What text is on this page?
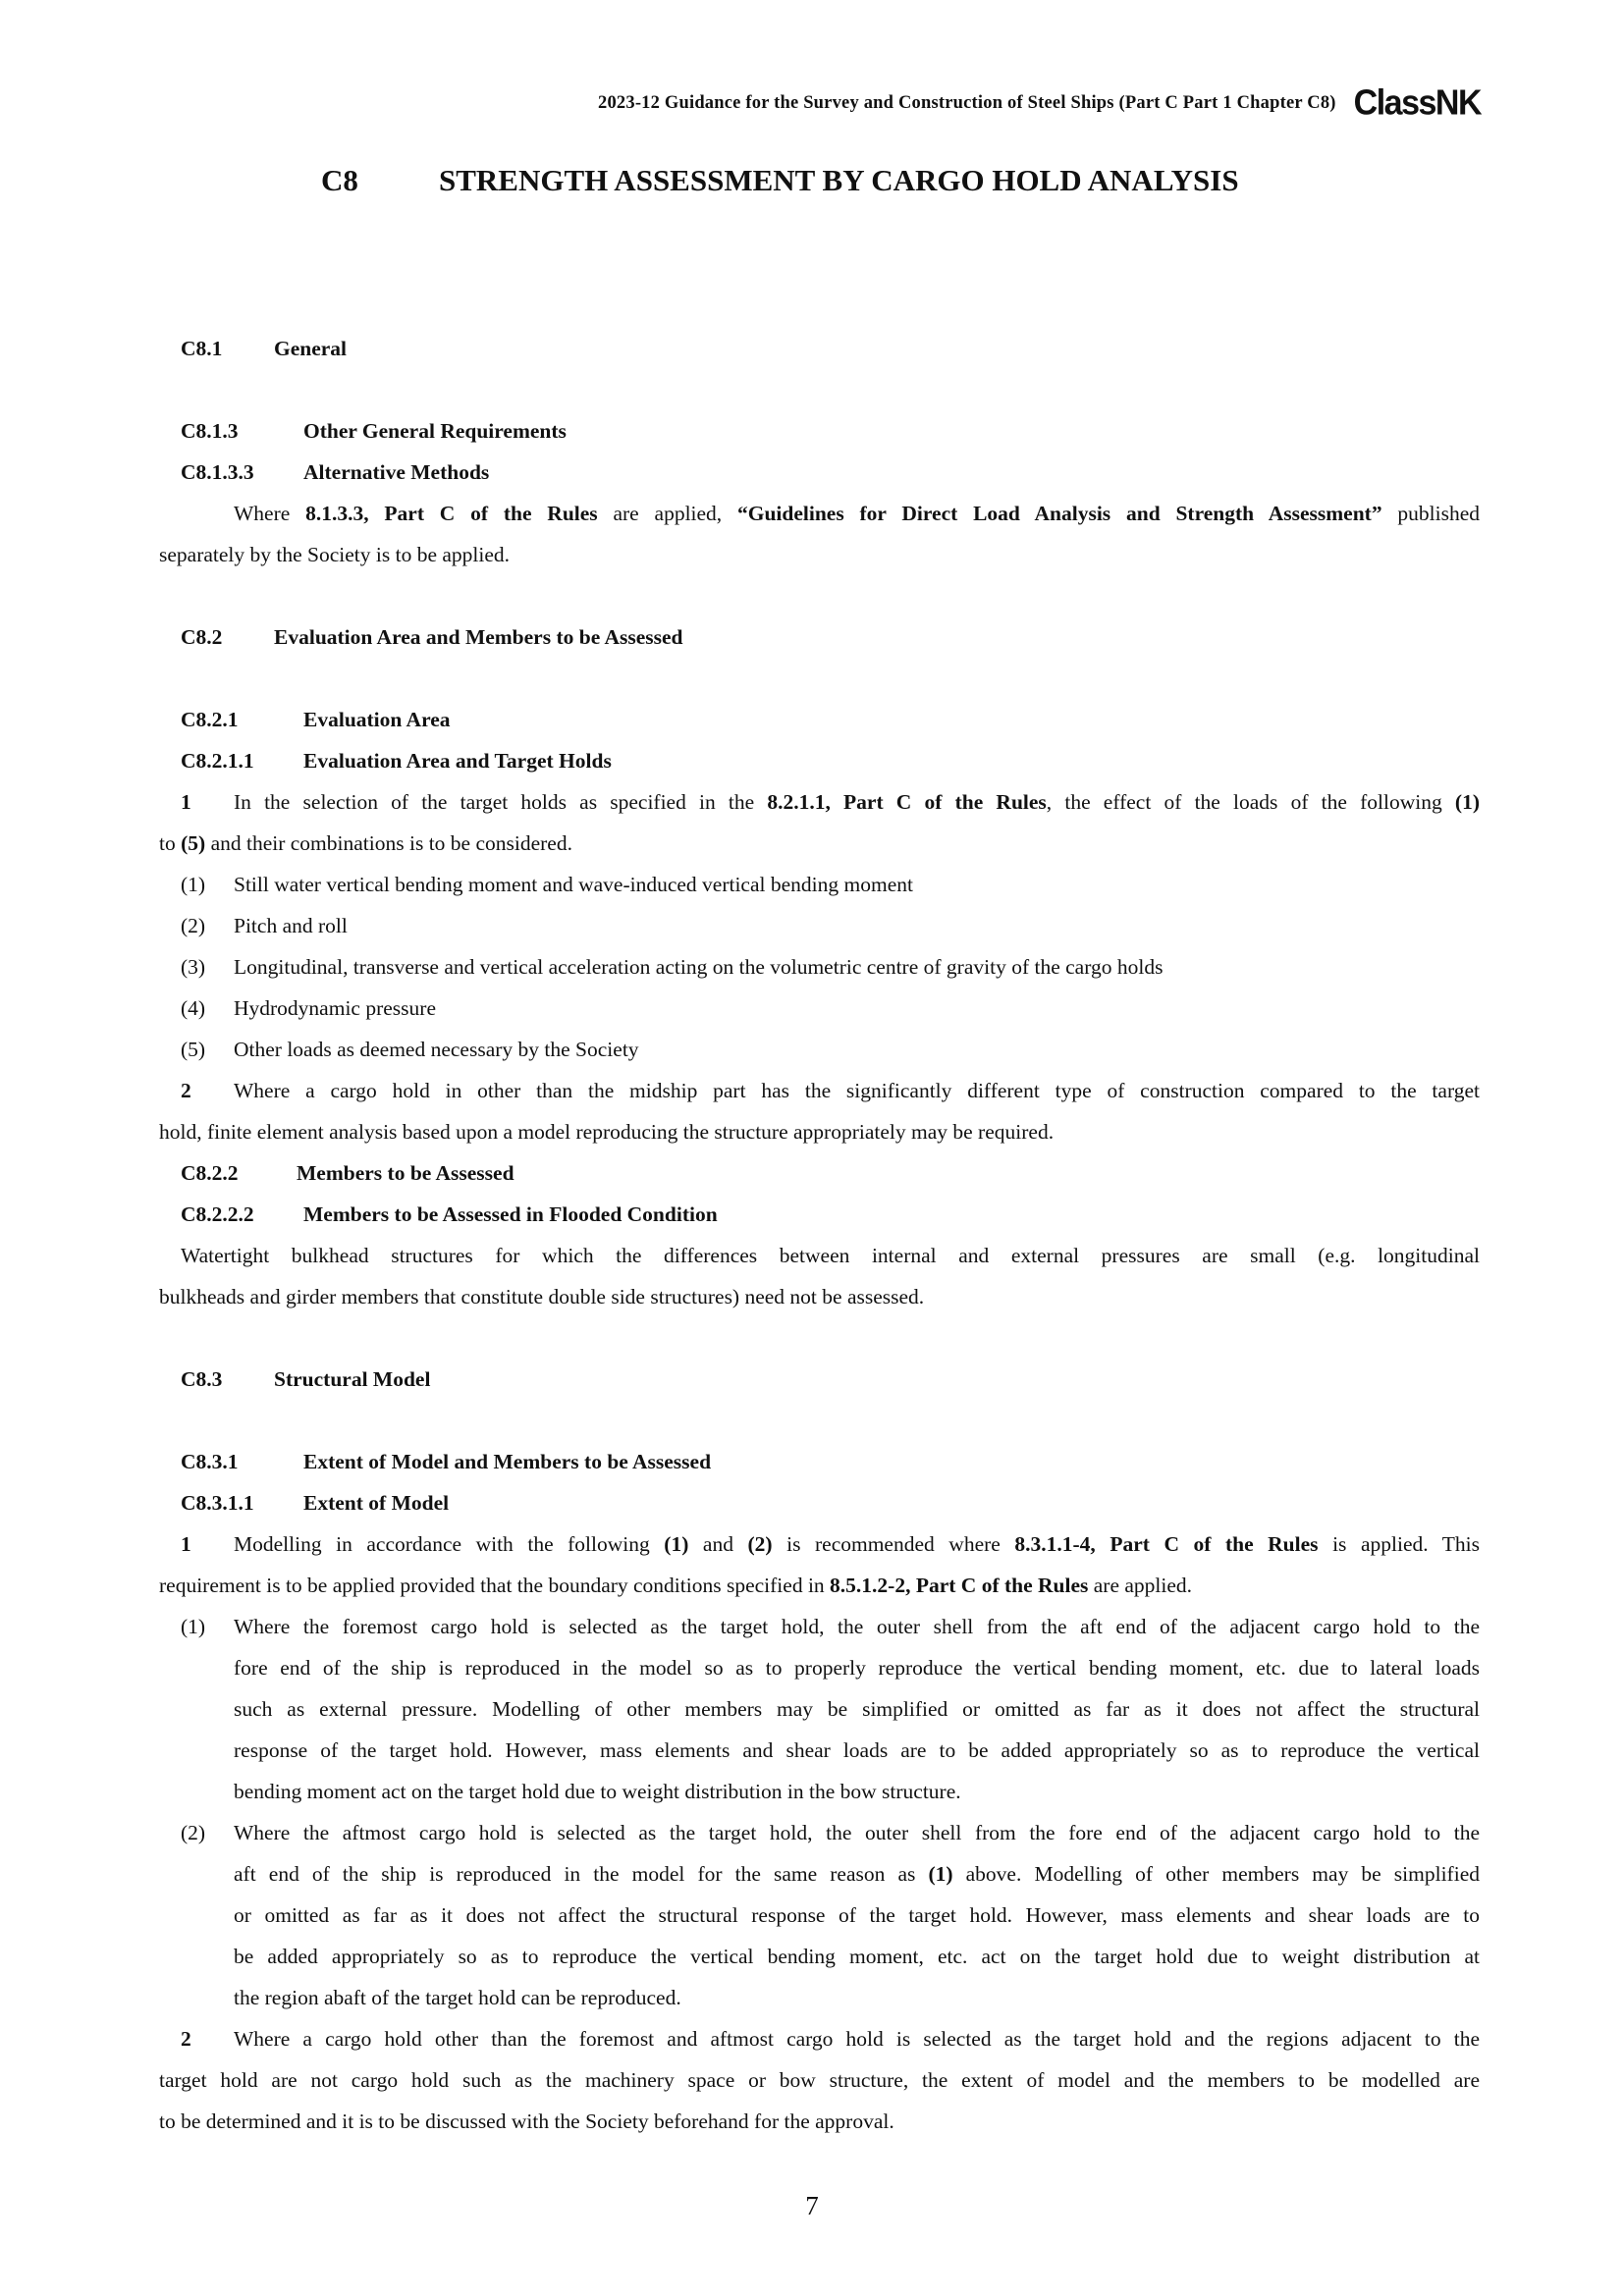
2023-12 Guidance for the Survey and Construction of Steel Ships (Part C Part 1 Chapter C8) ClassNK
C8	STRENGTH ASSESSMENT BY CARGO HOLD ANALYSIS
C8.1 General
C8.1.3	Other General Requirements
C8.1.3.3 Alternative Methods
Where 8.1.3.3, Part C of the Rules are applied, “Guidelines for Direct Load Analysis and Strength Assessment” published
separately by the Society is to be applied.
C8.2 Evaluation Area and Members to be Assessed
C8.2.1	Evaluation Area
C8.2.1.1 Evaluation Area and Target Holds
1	In the selection of the target holds as specified in the 8.2.1.1, Part C of the Rules, the effect of the loads of the following (1)
to (5) and their combinations is to be considered.
(1) Still water vertical bending moment and wave-induced vertical bending moment
(2) Pitch and roll
(3) Longitudinal, transverse and vertical acceleration acting on the volumetric centre of gravity of the cargo holds
(4) Hydrodynamic pressure
(5) Other loads as deemed necessary by the Society
2	Where a cargo hold in other than the midship part has the significantly different type of construction compared to the target
hold, finite element analysis based upon a model reproducing the structure appropriately may be required.
C8.2.2	Members to be Assessed
C8.2.2.2 Members to be Assessed in Flooded Condition
Watertight bulkhead structures for which the differences between internal and external pressures are small (e.g. longitudinal
bulkheads and girder members that constitute double side structures) need not be assessed.
C8.3 Structural Model
C8.3.1	Extent of Model and Members to be Assessed
C8.3.1.1 Extent of Model
1	Modelling in accordance with the following (1) and (2) is recommended where 8.3.1.1-4, Part C of the Rules is applied. This
requirement is to be applied provided that the boundary conditions specified in 8.5.1.2-2, Part C of the Rules are applied.
(1)	Where the foremost cargo hold is selected as the target hold, the outer shell from the aft end of the adjacent cargo hold to the
fore end of the ship is reproduced in the model so as to properly reproduce the vertical bending moment, etc. due to lateral loads
such as external pressure. Modelling of other members may be simplified or omitted as far as it does not affect the structural
response of the target hold. However, mass elements and shear loads are to be added appropriately so as to reproduce the vertical
bending moment act on the target hold due to weight distribution in the bow structure.
(2)	Where the aftmost cargo hold is selected as the target hold, the outer shell from the fore end of the adjacent cargo hold to the
aft end of the ship is reproduced in the model for the same reason as (1) above. Modelling of other members may be simplified
or omitted as far as it does not affect the structural response of the target hold. However, mass elements and shear loads are to
be added appropriately so as to reproduce the vertical bending moment, etc. act on the target hold due to weight distribution at
the region abaft of the target hold can be reproduced.
2	Where a cargo hold other than the foremost and aftmost cargo hold is selected as the target hold and the regions adjacent to the
target hold are not cargo hold such as the machinery space or bow structure, the extent of model and the members to be modelled are
to be determined and it is to be discussed with the Society beforehand for the approval.
7
